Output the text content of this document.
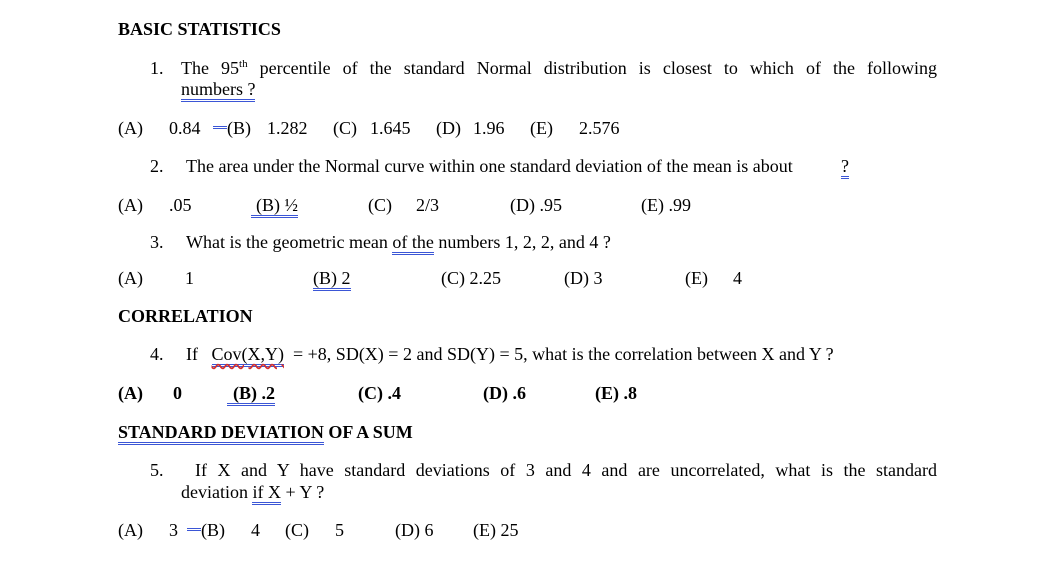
BASIC STATISTICS
1. The 95th percentile of the standard Normal distribution is closest to which of the following
numbers ?
(A) 0.84 (B) 1.282 (C) 1.645 (D) 1.96 (E) 2.576
2. The area under the Normal curve within one standard deviation of the mean is about	?
(A) .05	(B) ½	(C) 2/3	(D) .95	(E) .99
3. What is the geometric mean of the numbers 1, 2, 2, and 4 ?
(A) 1	(B) 2	(C) 2.25	(D) 3	(E) 4
CORRELATION
4. If Cov(X,Y) = +8, SD(X) = 2 and SD(Y) = 5, what is the correlation between X and Y ?
(A) 0	(B) .2	(C) .4	(D) .6	(E) .8
STANDARD DEVIATION OF A SUM
5. If X and Y have standard deviations of 3 and 4 and are uncorrelated, what is the standard
deviation if X + Y ?
(A) 3 (B) 4 (C) 5	(D) 6 (E) 25
